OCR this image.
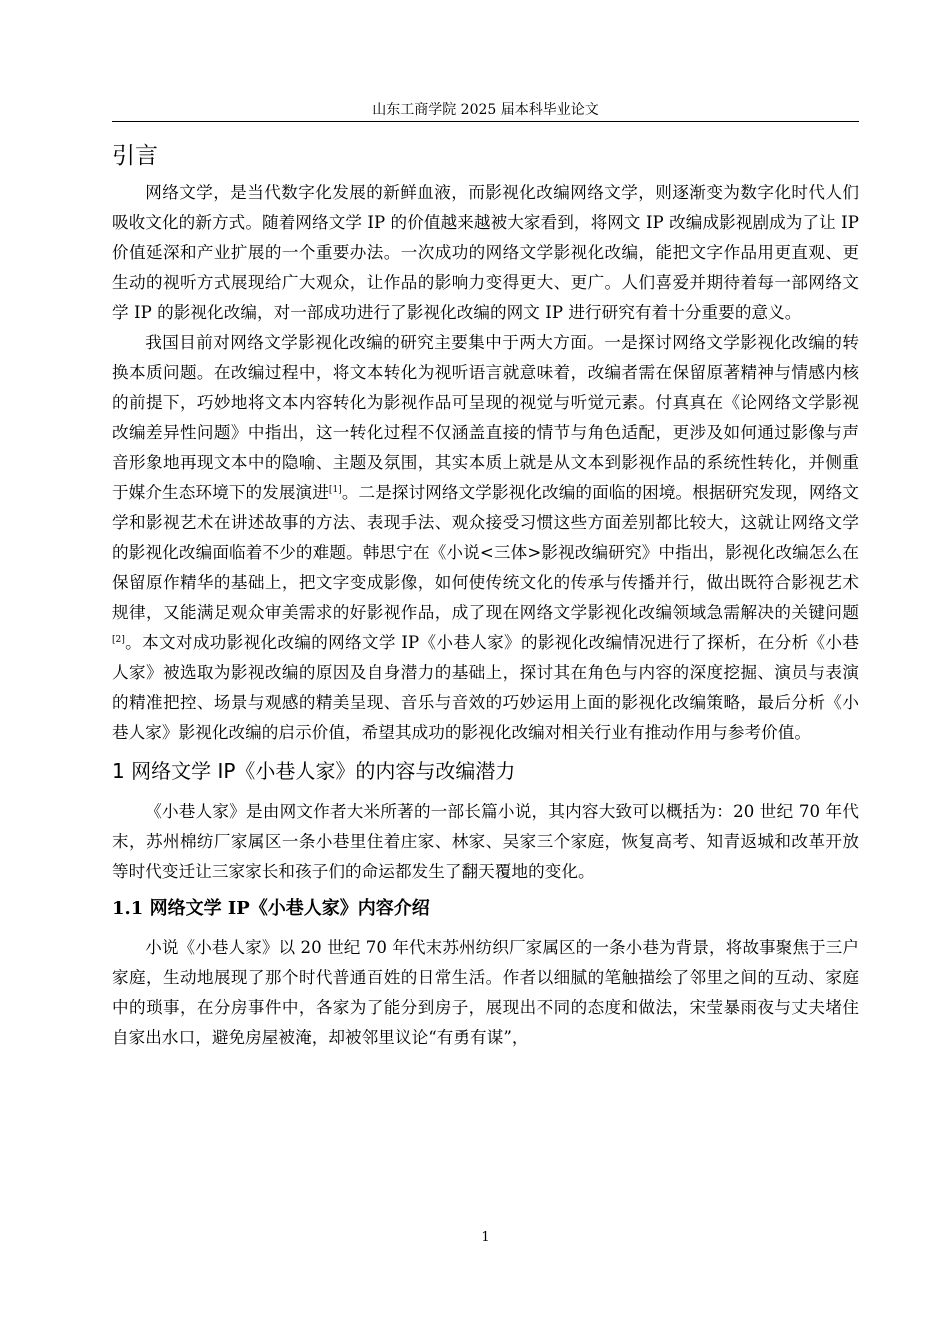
山东工商学院 2025 届本科毕业论文
引言

网络文学，是当代数字化发展的新鲜血液，而影视化改编网络文学，则逐渐变为数字化时代人们吸收文化的新方式。随着网络文学 IP 的价值越来越被大家看到，将网文 IP 改编成影视剧成为了让 IP 价值延深和产业扩展的一个重要办法。一次成功的网络文学影视化改编，能把文字作品用更直观、更生动的视听方式展现给广大观众，让作品的影响力变得更大、更广。人们喜爱并期待着每一部网络文学 IP 的影视化改编，对一部成功进行了影视化改编的网文 IP 进行研究有着十分重要的意义。

我国目前对网络文学影视化改编的研究主要集中于两大方面。一是探讨网络文学影视化改编的转换本质问题。在改编过程中，将文本转化为视听语言就意味着，改编者需在保留原著精神与情感内核的前提下，巧妙地将文本内容转化为影视作品可呈现的视觉与听觉元素。付真真在《论网络文学影视改编差异性问题》中指出，这一转化过程不仅涵盖直接的情节与角色适配，更涉及如何通过影像与声音形象地再现文本中的隐喻、主题及氛围，其实本质上就是从文本到影视作品的系统性转化，并侧重于媒介生态环境下的发展演进[1]。二是探讨网络文学影视化改编的面临的困境。根据研究发现，网络文学和影视艺术在讲述故事的方法、表现手法、观众接受习惯这些方面差别都比较大，这就让网络文学的影视化改编面临着不少的难题。韩思宁在《小说<三体>影视改编研究》中指出，影视化改编怎么在保留原作精华的基础上，把文字变成影像，如何使传统文化的传承与传播并行，做出既符合影视艺术规律，又能满足观众审美需求的好影视作品，成了现在网络文学影视化改编领域急需解决的关键问题[2]。本文对成功影视化改编的网络文学 IP《小巷人家》的影视化改编情况进行了探析，在分析《小巷人家》被选取为影视改编的原因及自身潜力的基础上，探讨其在角色与内容的深度挖掘、演员与表演的精准把控、场景与观感的精美呈现、音乐与音效的巧妙运用上面的影视化改编策略，最后分析《小巷人家》影视化改编的启示价值，希望其成功的影视化改编对相关行业有推动作用与参考价值。

1 网络文学 IP《小巷人家》的内容与改编潜力

《小巷人家》是由网文作者大米所著的一部长篇小说，其内容大致可以概括为：20 世纪 70 年代末，苏州棉纺厂家属区一条小巷里住着庄家、林家、吴家三个家庭，恢复高考、知青返城和改革开放等时代变迁让三家家长和孩子们的命运都发生了翻天覆地的变化。

1.1 网络文学 IP《小巷人家》内容介绍

小说《小巷人家》以 20 世纪 70 年代末苏州纺织厂家属区的一条小巷为背景，将故事聚焦于三户家庭，生动地展现了那个时代普通百姓的日常生活。作者以细腻的笔触描绘了邻里之间的互动、家庭中的琐事，在分房事件中，各家为了能分到房子，展现出不同的态度和做法，宋莹暴雨夜与丈夫堵住自家出水口，避免房屋被淹，却被邻里议论“有勇有谋”，

1
